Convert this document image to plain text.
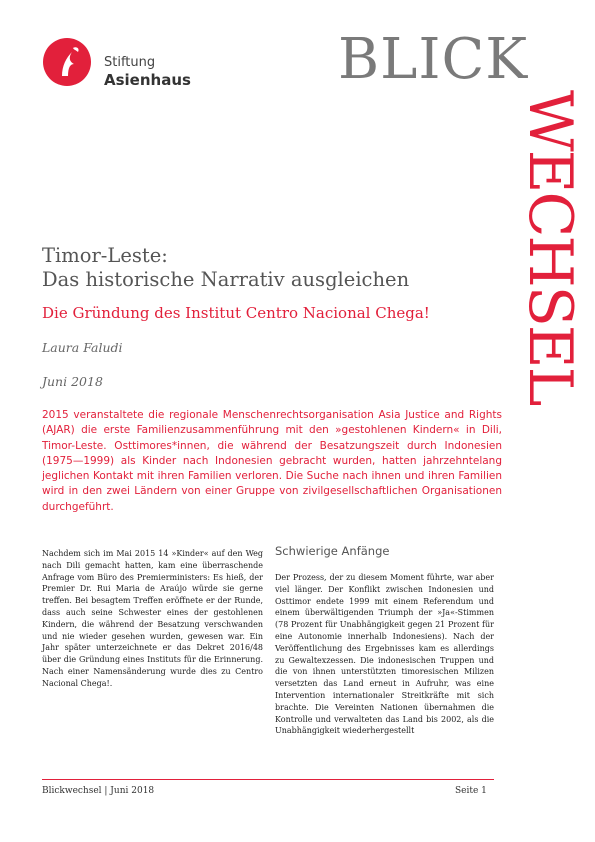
Stiftung
Asienhaus	BLICK
WECHSEL
Timor-Leste:
Das historische Narrativ ausgleichen
Die Gründung des Institut Centro Nacional Chega!
Laura Faludi
Juni 2018
2015 veranstaltete die regionale Menschenrechtsorganisation Asia Justice and Rights (AJAR) die erste Familienzusammenführung mit den »gestohlenen Kindern« in Dili, Timor-Leste. Osttimores*innen, die während der Besatzungszeit durch Indonesien (1975—1999) als Kinder nach Indonesien gebracht wurden, hatten jahrzehntelang jeglichen Kontakt mit ihren Familien verloren. Die Suche nach ihnen und ihren Familien wird in den zwei Ländern von einer Gruppe von zivilgesellschaftlichen Organisationen durchgeführt.
Nachdem sich im Mai 2015 14 »Kinder« auf den Weg nach Dili gemacht hatten, kam eine überraschende Anfrage vom Büro des Premierministers: Es hieß, der Premier Dr. Rui Maria de Araújo würde sie gerne treffen. Bei besagtem Treffen eröffnete er der Runde, dass auch seine Schwester eines der gestohlenen Kindern, die während der Besatzung verschwanden und nie wieder gesehen wurden, gewesen war. Ein Jahr später unterzeichnete er das Dekret 2016/48 über die Gründung eines Instituts für die Erinnerung. Nach einer Namensänderung wurde dies zu Centro Nacional Chega!.
Schwierige Anfänge
Der Prozess, der zu diesem Moment führte, war aber viel länger. Der Konflikt zwischen Indonesien und Osttimor endete 1999 mit einem Referendum und einem überwältigenden Triumph der »Ja«-Stimmen (78 Prozent für Unabhängigkeit gegen 21 Prozent für eine Autonomie innerhalb Indonesiens). Nach der Veröffentlichung des Ergebnisses kam es allerdings zu Gewaltexzessen. Die indonesischen Truppen und die von ihnen unterstützten timoresischen Milizen versetzten das Land erneut in Aufruhr, was eine Intervention internationaler Streitkräfte mit sich brachte. Die Vereinten Nationen übernahmen die Kontrolle und verwalteten das Land bis 2002, als die Unabhängigkeit wiederhergestellt
Blickwechsel | Juni 2018	Seite 1
